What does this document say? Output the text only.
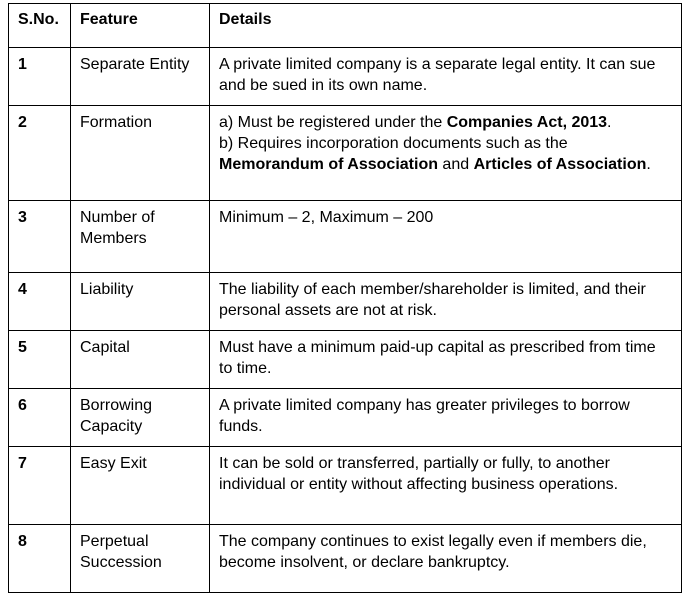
S.No.	Feature	Details
1	Separate Entity	A private limited company is a separate legal entity. It can sue and be sued in its own name.
2	Formation	a) Must be registered under the Companies Act, 2013.
b) Requires incorporation documents such as the Memorandum of Association and Articles of Association.
3	Number of Members	Minimum – 2, Maximum – 200
4	Liability	The liability of each member/shareholder is limited, and their personal assets are not at risk.
5	Capital	Must have a minimum paid-up capital as prescribed from time to time.
6	Borrowing Capacity	A private limited company has greater privileges to borrow funds.
7	Easy Exit	It can be sold or transferred, partially or fully, to another individual or entity without affecting business operations.
8	Perpetual Succession	The company continues to exist legally even if members die, become insolvent, or declare bankruptcy.
